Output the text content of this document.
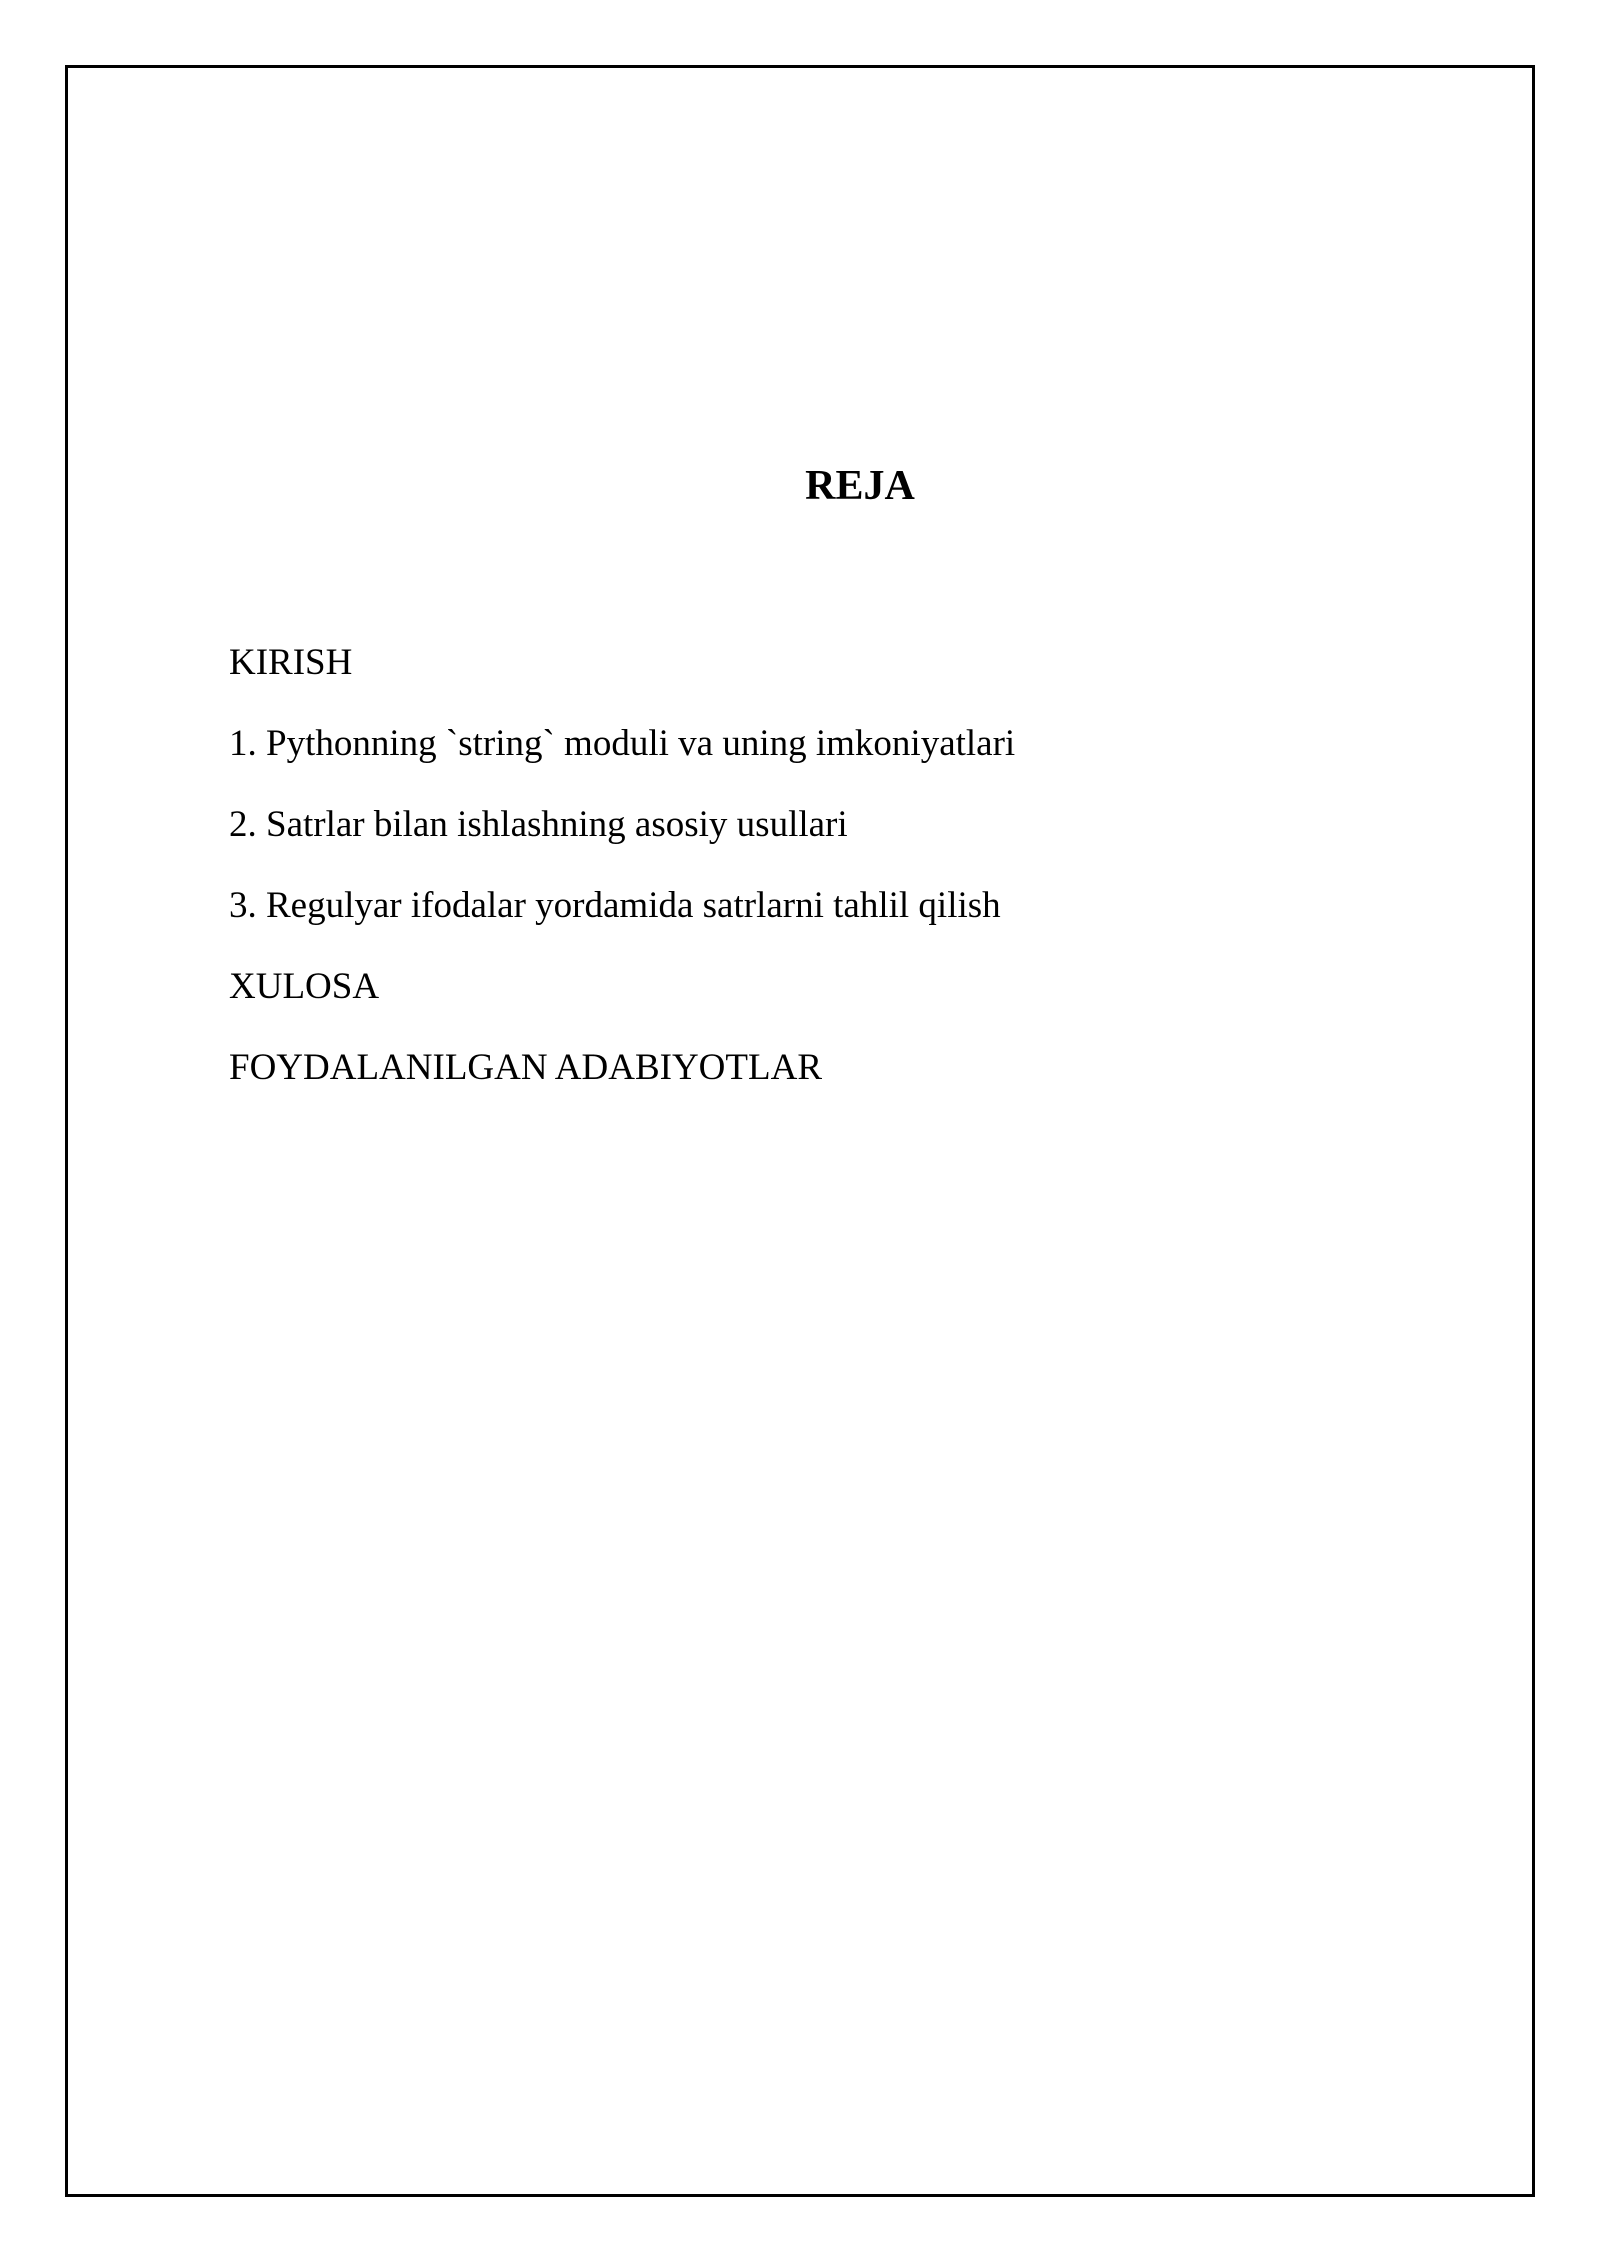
REJA
KIRISH
1. Pythonning `string` moduli va uning imkoniyatlari
2. Satrlar bilan ishlashning asosiy usullari
3. Regulyar ifodalar yordamida satrlarni tahlil qilish
XULOSA
FOYDALANILGAN ADABIYOTLAR
